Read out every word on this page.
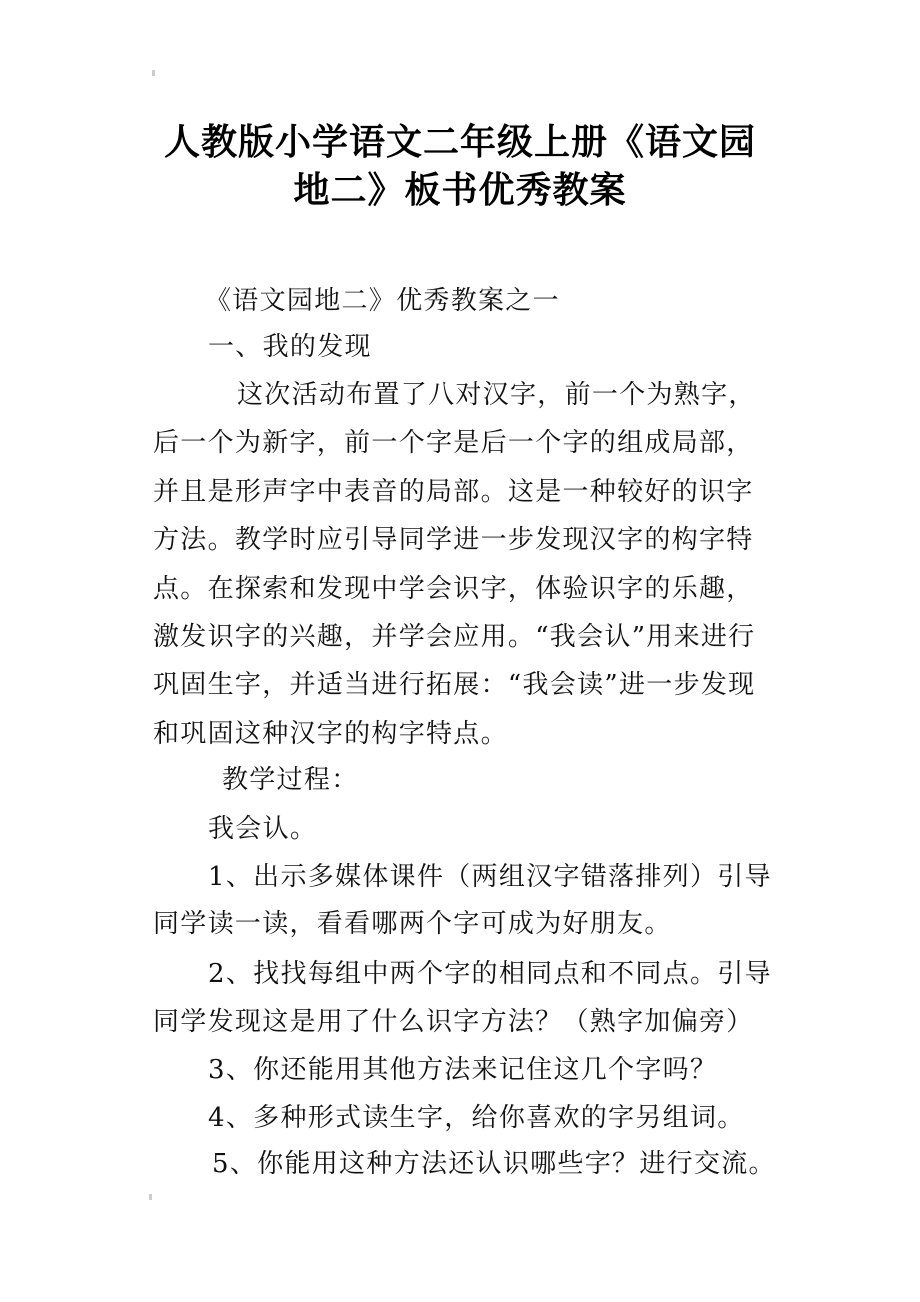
人教版小学语文二年级上册《语文园
地二》板书优秀教案
《语文园地二》优秀教案之一
一、我的发现
这次活动布置了八对汉字，前一个为熟字，
后一个为新字，前一个字是后一个字的组成局部，
并且是形声字中表音的局部。这是一种较好的识字
方法。教学时应引导同学进一步发现汉字的构字特
点。在探索和发现中学会识字，体验识字的乐趣，
激发识字的兴趣，并学会应用。“我会认”用来进行
巩固生字，并适当进行拓展：“我会读”进一步发现
和巩固这种汉字的构字特点。
教学过程：
我会认。
1、出示多媒体课件（两组汉字错落排列）引导
同学读一读，看看哪两个字可成为好朋友。
2、找找每组中两个字的相同点和不同点。引导
同学发现这是用了什么识字方法？（熟字加偏旁）
3、你还能用其他方法来记住这几个字吗？
4、多种形式读生字，给你喜欢的字另组词。
5、你能用这种方法还认识哪些字？进行交流。
